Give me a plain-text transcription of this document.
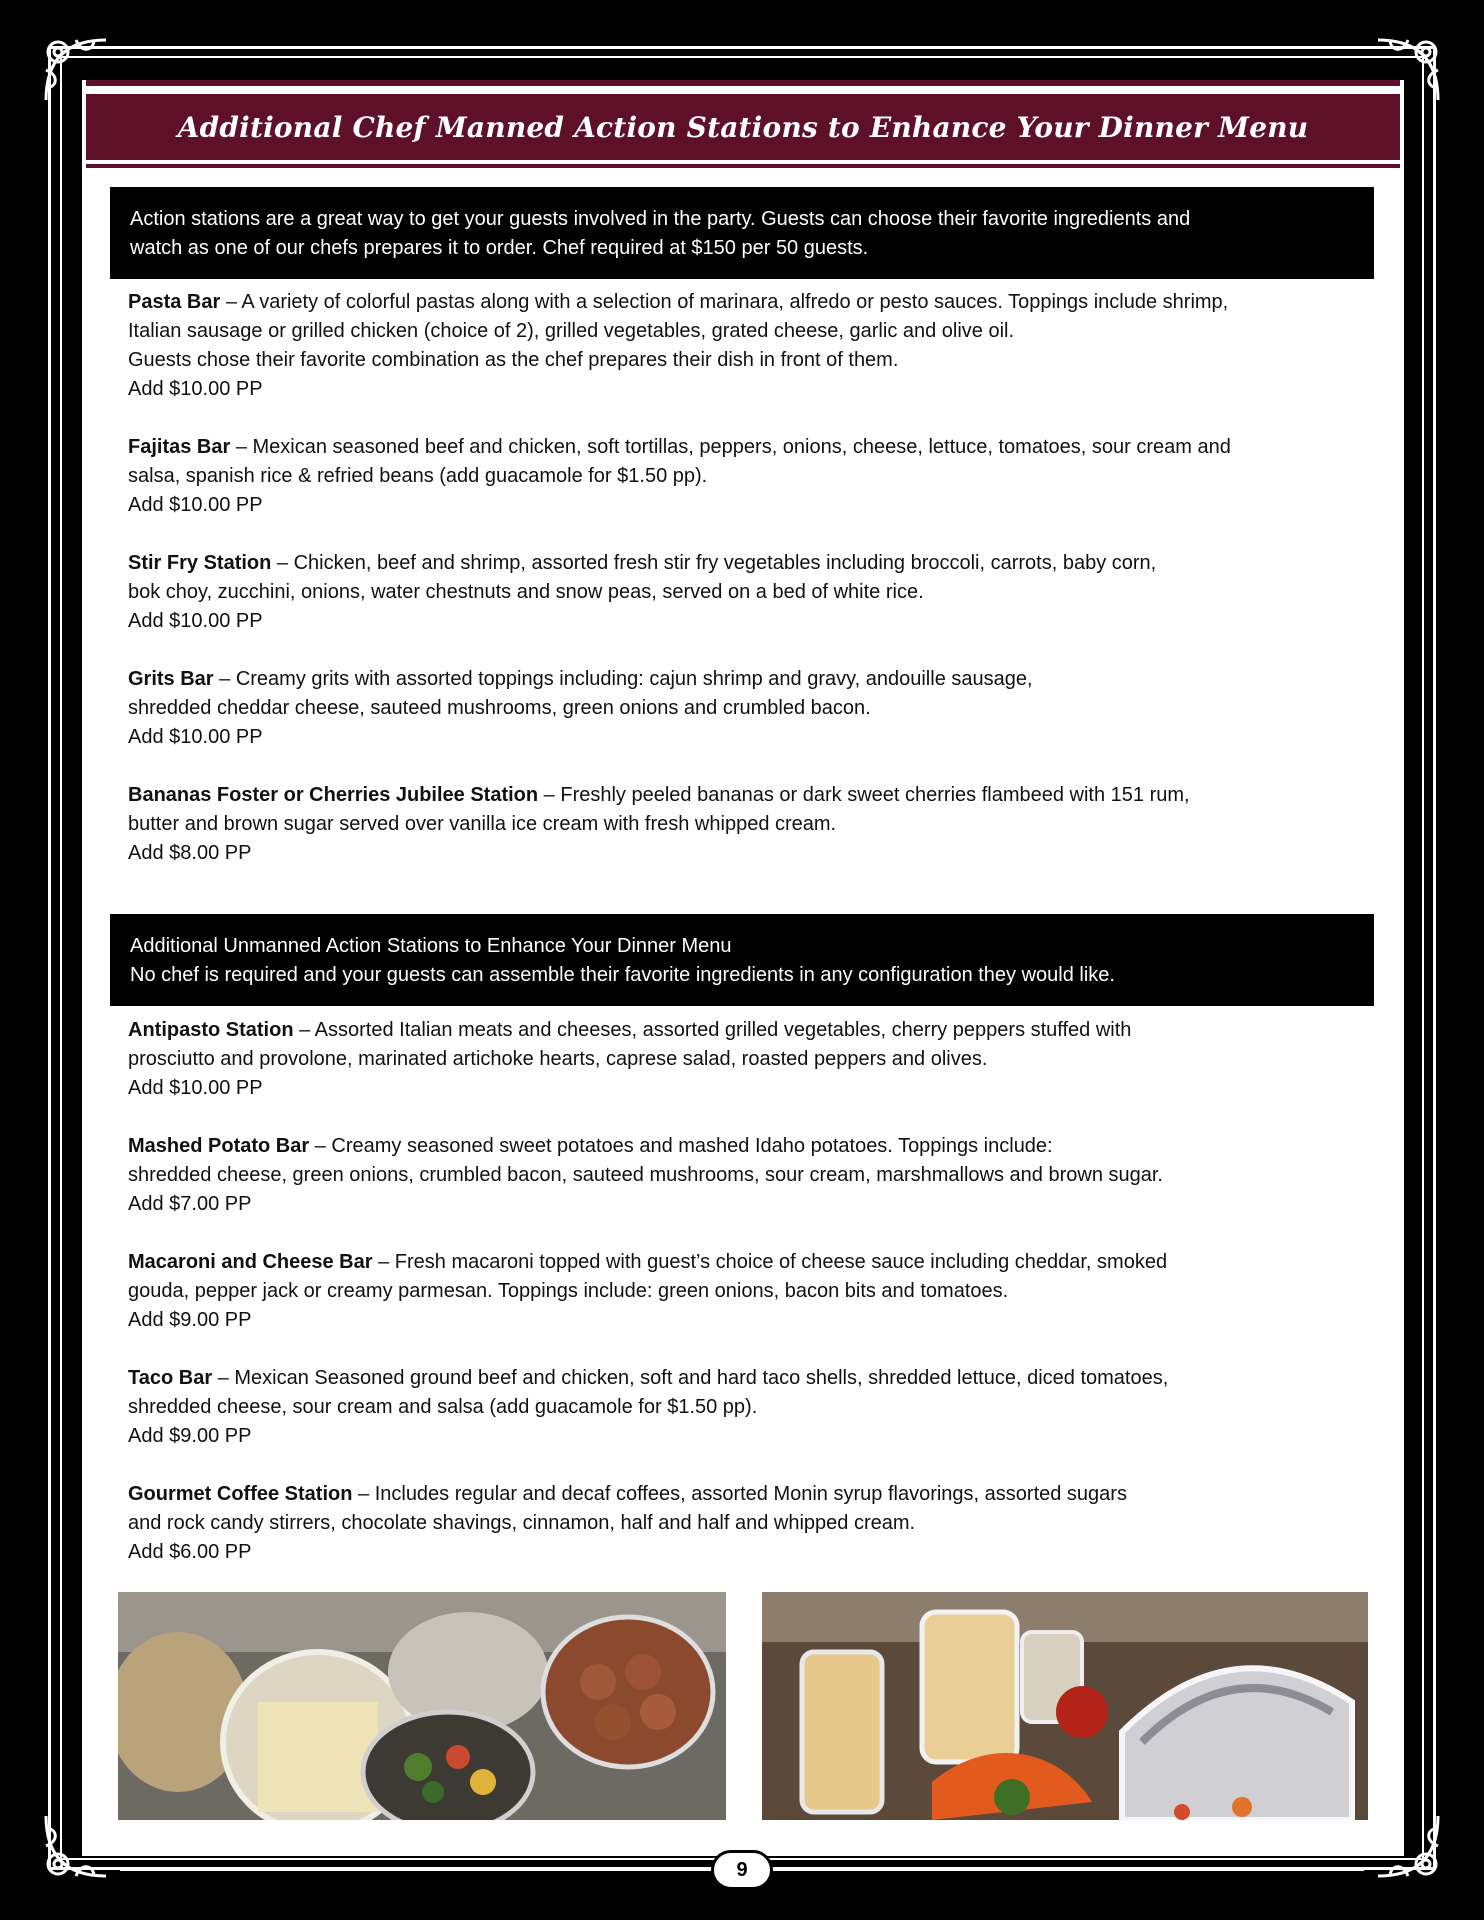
Additional Chef Manned Action Stations to Enhance Your Dinner Menu

Action stations are a great way to get your guests involved in the party. Guests can choose their favorite ingredients and

watch as one of our chefs prepares it to order. Chef required at $150 per 50 guests.

Pasta Bar – A variety of colorful pastas along with a selection of marinara, alfredo or pesto sauces. Toppings include shrimp,

Italian sausage or grilled chicken (choice of 2), grilled vegetables, grated cheese, garlic and olive oil.

Guests chose their favorite combination as the chef prepares their dish in front of them.

Add $10.00 PP

Fajitas Bar – Mexican seasoned beef and chicken, soft tortillas, peppers, onions, cheese, lettuce, tomatoes, sour cream and

salsa, spanish rice & refried beans (add guacamole for $1.50 pp).

Add $10.00 PP

Stir Fry Station – Chicken, beef and shrimp, assorted fresh stir fry vegetables including broccoli, carrots, baby corn,

bok choy, zucchini, onions, water chestnuts and snow peas, served on a bed of white rice.

Add $10.00 PP

Grits Bar – Creamy grits with assorted toppings including: cajun shrimp and gravy, andouille sausage,

shredded cheddar cheese, sauteed mushrooms, green onions and crumbled bacon.

Add $10.00 PP

Bananas Foster or Cherries Jubilee Station – Freshly peeled bananas or dark sweet cherries flambeed with 151 rum,

butter and brown sugar served over vanilla ice cream with fresh whipped cream.

Add $8.00 PP

Additional Unmanned Action Stations to Enhance Your Dinner Menu

No chef is required and your guests can assemble their favorite ingredients in any configuration they would like.

Antipasto Station – Assorted Italian meats and cheeses, assorted grilled vegetables, cherry peppers stuffed with

prosciutto and provolone, marinated artichoke hearts, caprese salad, roasted peppers and olives.

Add $10.00 PP

Mashed Potato Bar – Creamy seasoned sweet potatoes and mashed Idaho potatoes. Toppings include:

shredded cheese, green onions, crumbled bacon, sauteed mushrooms, sour cream, marshmallows and brown sugar.

Add $7.00 PP

Macaroni and Cheese Bar – Fresh macaroni topped with guest’s choice of cheese sauce including cheddar, smoked

gouda, pepper jack or creamy parmesan. Toppings include: green onions, bacon bits and tomatoes.

Add $9.00 PP

Taco Bar – Mexican Seasoned ground beef and chicken, soft and hard taco shells, shredded lettuce, diced tomatoes,

shredded cheese, sour cream and salsa (add guacamole for $1.50 pp).

Add $9.00 PP

Gourmet Coffee Station – Includes regular and decaf coffees, assorted Monin syrup flavorings, assorted sugars

and rock candy stirrers, chocolate shavings, cinnamon, half and half and whipped cream.

Add $6.00 PP

9
